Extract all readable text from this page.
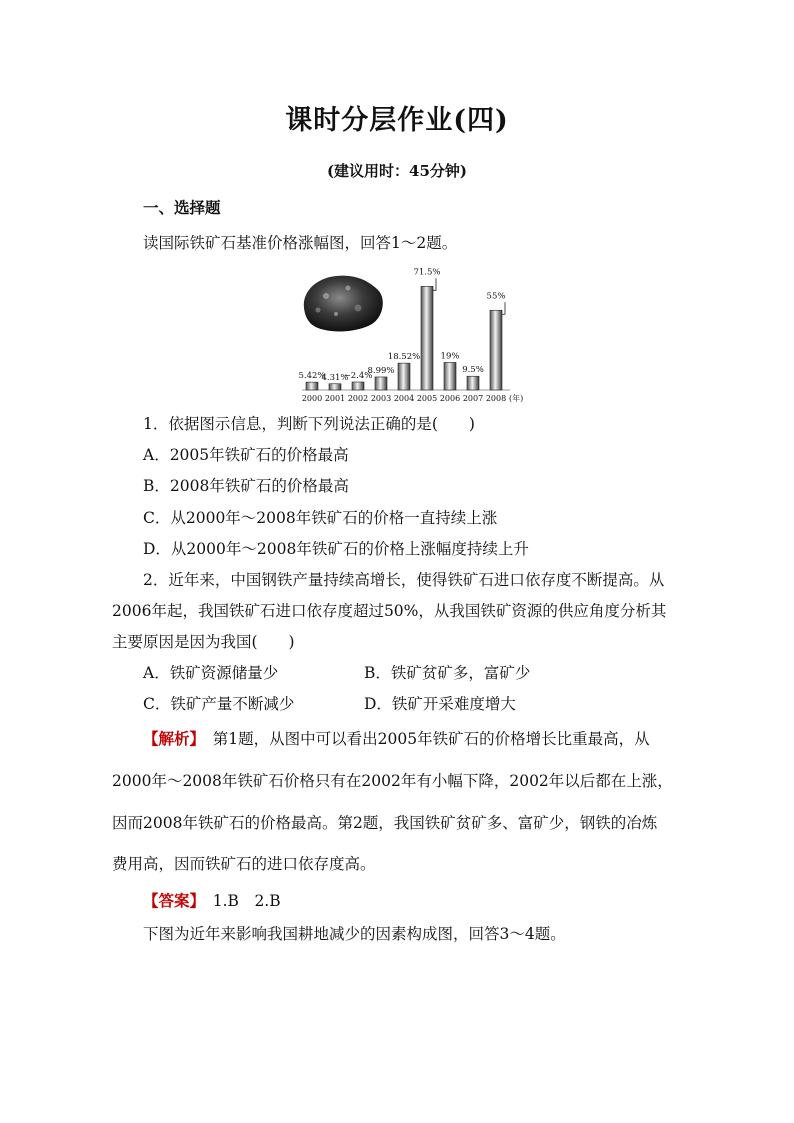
课时分层作业(四)
(建议用时：45分钟)
一、选择题
读国际铁矿石基准价格涨幅图，回答1～2题。
5.42%
2000
4.31%
2001
−2.4%
2002
8.99%
2003
18.52%
2004
71.5%
2005
19%
2006
9.5%
2007
55%
2008 (年)
1．依据图示信息，判断下列说法正确的是(　　)
A．2005年铁矿石的价格最高
B．2008年铁矿石的价格最高
C．从2000年～2008年铁矿石的价格一直持续上涨
D．从2000年～2008年铁矿石的价格上涨幅度持续上升
2．近年来，中国钢铁产量持续高增长，使得铁矿石进口依存度不断提高。从
2006年起，我国铁矿石进口依存度超过50%，从我国铁矿资源的供应角度分析其
主要原因是因为我国(　　)
A．铁矿资源储量少	B．铁矿贫矿多，富矿少
C．铁矿产量不断减少	D．铁矿开采难度增大
【解析】　第1题，从图中可以看出2005年铁矿石的价格增长比重最高，从
2000年～2008年铁矿石价格只有在2002年有小幅下降，2002年以后都在上涨，
因而2008年铁矿石的价格最高。第2题，我国铁矿贫矿多、富矿少，钢铁的冶炼
费用高，因而铁矿石的进口依存度高。
【答案】　1.B　2.B
下图为近年来影响我国耕地减少的因素构成图，回答3～4题。
